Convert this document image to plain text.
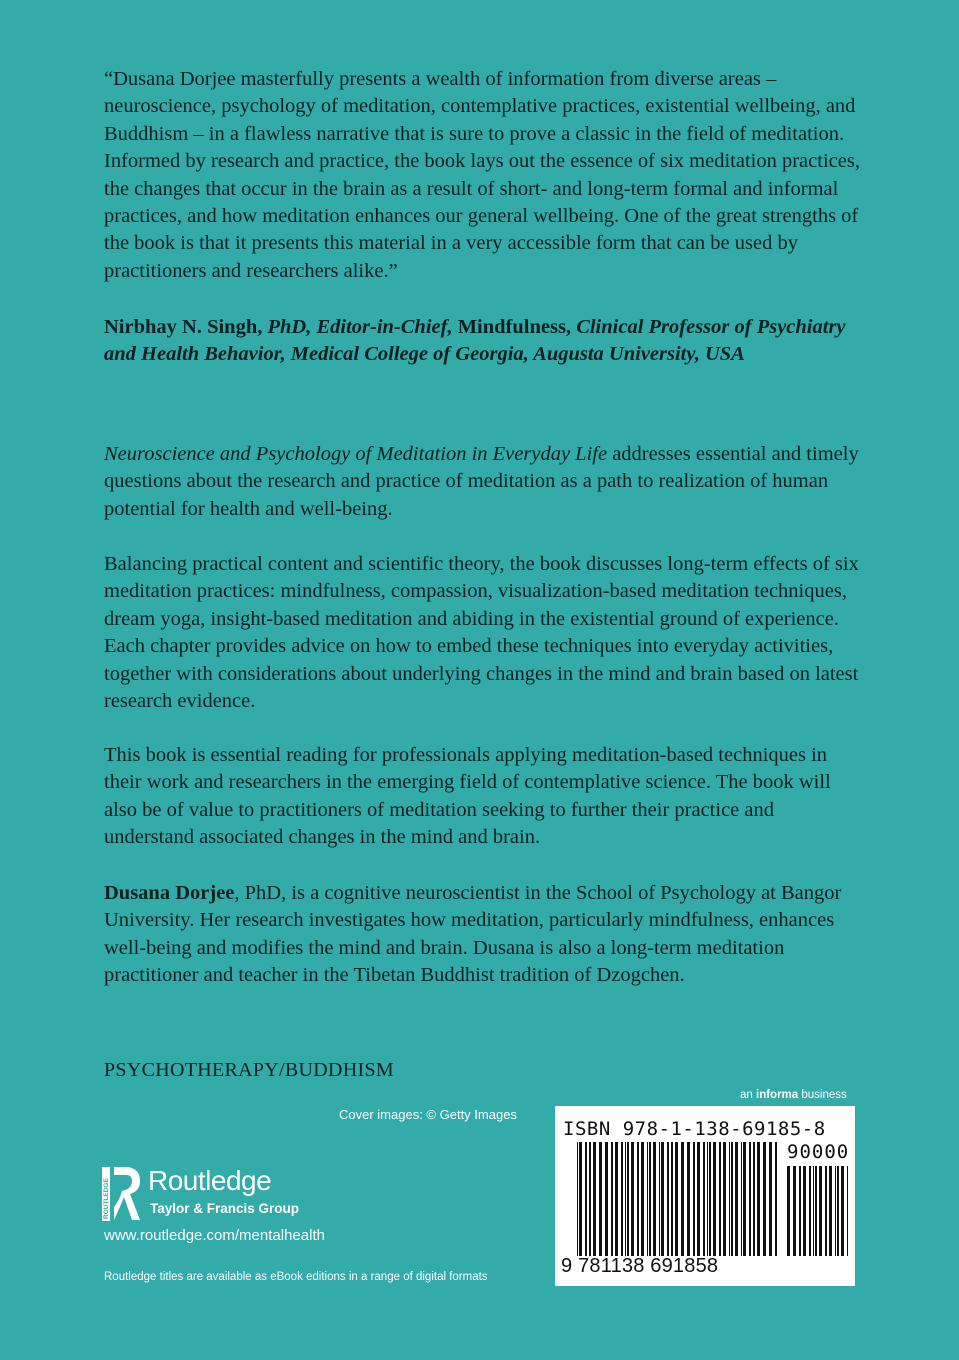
“Dusana Dorjee masterfully presents a wealth of information from diverse areas – neuroscience, psychology of meditation, contemplative practices, existential wellbeing, and Buddhism – in a flawless narrative that is sure to prove a classic in the field of meditation. Informed by research and practice, the book lays out the essence of six meditation practices, the changes that occur in the brain as a result of short- and long-term formal and informal practices, and how meditation enhances our general wellbeing. One of the great strengths of the book is that it presents this material in a very accessible form that can be used by practitioners and researchers alike.”

Nirbhay N. Singh, PhD, Editor-in-Chief, Mindfulness, Clinical Professor of Psychiatry and Health Behavior, Medical College of Georgia, Augusta University, USA

Neuroscience and Psychology of Meditation in Everyday Life addresses essential and timely questions about the research and practice of meditation as a path to realization of human potential for health and well-being.

Balancing practical content and scientific theory, the book discusses long-term effects of six meditation practices: mindfulness, compassion, visualization-based meditation techniques, dream yoga, insight-based meditation and abiding in the existential ground of experience. Each chapter provides advice on how to embed these techniques into everyday activities, together with considerations about underlying changes in the mind and brain based on latest research evidence.

This book is essential reading for professionals applying meditation-based techniques in their work and researchers in the emerging field of contemplative science. The book will also be of value to practitioners of meditation seeking to further their practice and understand associated changes in the mind and brain.

Dusana Dorjee, PhD, is a cognitive neuroscientist in the School of Psychology at Bangor University. Her research investigates how meditation, particularly mindfulness, enhances well-being and modifies the mind and brain. Dusana is also a long-term meditation practitioner and teacher in the Tibetan Buddhist tradition of Dzogchen.

PSYCHOTHERAPY/BUDDHISM
Cover images: © Getty Images
ROUTLEDGE Routledge
Taylor & Francis Group
www.routledge.com/mentalhealth
Routledge titles are available as eBook editions in a range of digital formats
an informa business
ISBN 978-1-138-69185-8
90000
9 781138 691858
